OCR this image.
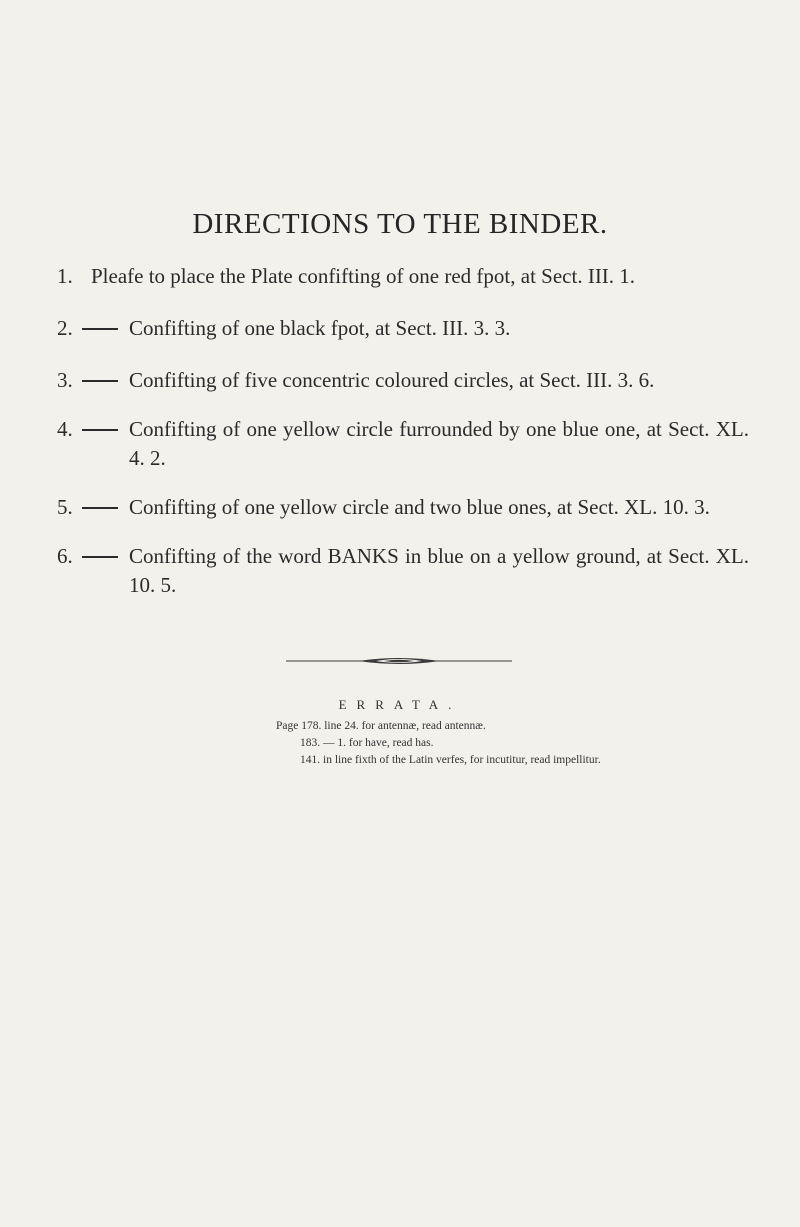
DIRECTIONS TO THE BINDER.
1. Pleafe to place the Plate confifting of one red fpot, at Sect. III. 1.
2.	Confifting of one black fpot, at Sect. III. 3. 3.
3.	Confifting of five concentric coloured circles, at Sect. III. 3. 6.
4.	Confifting of one yellow circle furrounded by one blue one, at Sect. XL. 4. 2.
5.	Confifting of one yellow circle and two blue ones, at Sect. XL. 10. 3.
6.	Confifting of the word BANKS in blue on a yellow ground, at Sect. XL. 10. 5.
ERRATA.
Page 178. line 24. for antennæ, read antennæ.
183. — 1. for have, read has.
141. in line fixth of the Latin verfes, for incutitur, read impellitur.
